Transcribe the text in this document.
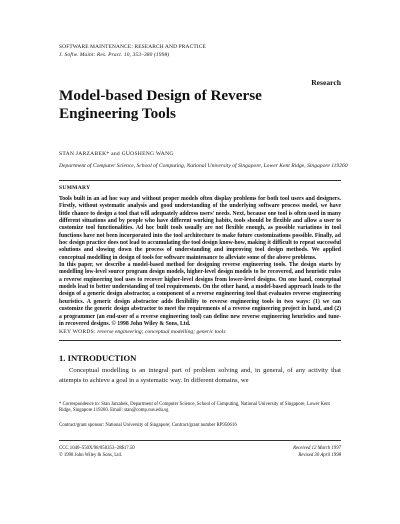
SOFTWARE MAINTENANCE: RESEARCH AND PRACTICE
J. Softw. Maint: Res. Pract. 10, 353–380 (1998)
Research
Model-based Design of Reverse Engineering Tools
STAN JARZABEK* and GUOSHENG WANG
Department of Computer Science, School of Computing, National University of Singapore, Lower Kent Ridge, Singapore 119260
SUMMARY

Tools built in an ad hoc way and without proper models often display problems for both tool users and designers. Firstly, without systematic analysis and good understanding of the underlying software process model, we have little chance to design a tool that will adequately address users' needs. Next, because one tool is often used in many different situations and by people who have different working habits, tools should be flexible and allow a user to customize tool functionalities. Ad hoc built tools usually are not flexible enough, as possible variations in tool functions have not been incorporated into the tool architecture to make future customizations possible. Finally, ad hoc design practice does not lead to accumulating the tool design know-how, making it difficult to repeat successful solutions and slowing down the process of understanding and improving tool design methods. We applied conceptual modelling in design of tools for software maintenance to alleviate some of the above problems.

In this paper, we describe a model-based method for designing reverse engineering tools. The design starts by modelling low-level source program design models, higher-level design models to be recovered, and heuristic rules a reverse engineering tool uses to recover higher-level designs from lower-level designs. On one hand, conceptual models lead to better understanding of tool requirements. On the other hand, a model-based approach leads to the design of a generic design abstractor, a component of a reverse engineering tool that evaluates reverse engineering heuristics. A generic design abstractor adds flexibility to reverse engineering tools in two ways: (1) we can customize the generic design abstractor to meet the requirements of a reverse engineering project in hand, and (2) a programmer (an end-user of a reverse engineering tool) can define new reverse engineering heuristics and tune-in recovered designs. © 1998 John Wiley & Sons, Ltd.

KEY WORDS: reverse engineering; conceptual modelling; generic tools
1. INTRODUCTION
Conceptual modelling is an integral part of problem solving and, in general, of any activity that attempts to achieve a goal in a systematic way. In different domains, we

* Correspondence to: Stan Jarzabek, Department of Computer Science, School of Computing, National University of Singapore, Lower Kent Ridge, Singapore 119260. Email: stan@comp.nus.edu.sg

Contract/grant sponsor: National University of Singapore; Contract/grant number RP950616
CCC 1040–550X/98/050353–28$17.50
© 1998 John Wiley & Sons, Ltd.
Received 12 March 1997
Revised 30 April 1998
